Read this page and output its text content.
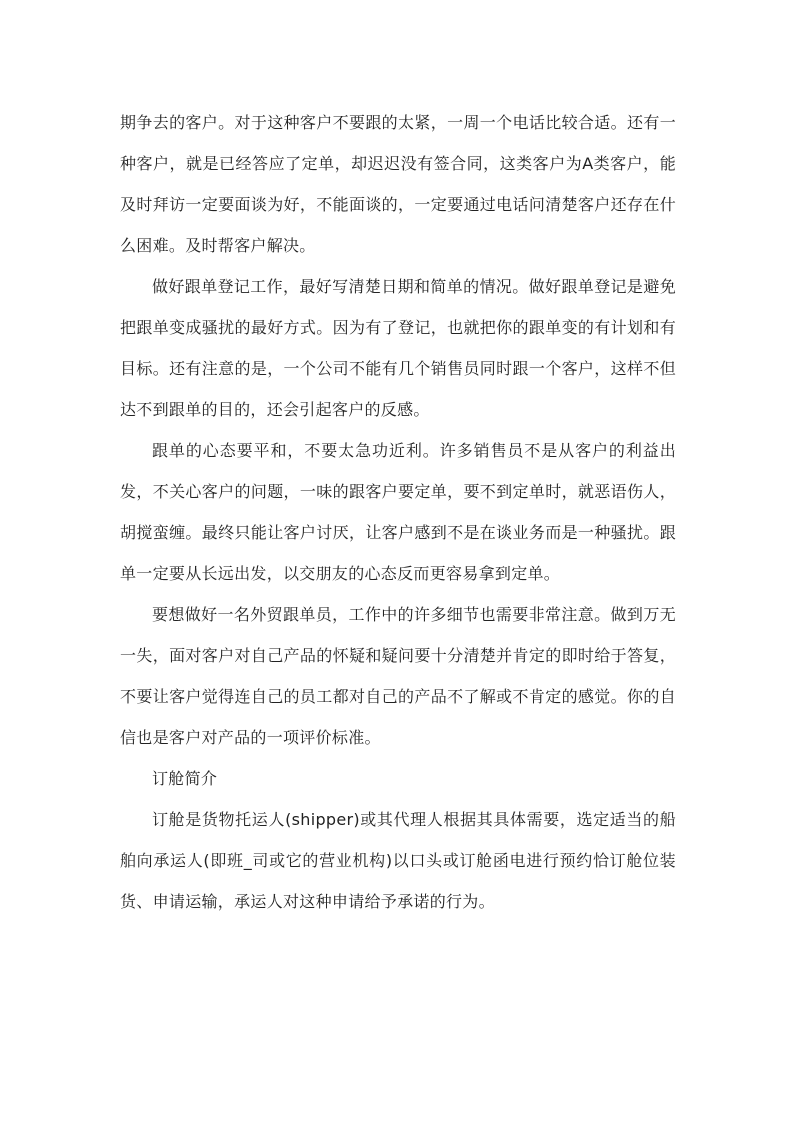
期争去的客户。对于这种客户不要跟的太紧，一周一个电话比较合适。还有一种客户，就是已经答应了定单，却迟迟没有签合同，这类客户为A类客户，能及时拜访一定要面谈为好，不能面谈的，一定要通过电话问清楚客户还存在什么困难。及时帮客户解决。

做好跟单登记工作，最好写清楚日期和简单的情况。做好跟单登记是避免把跟单变成骚扰的最好方式。因为有了登记，也就把你的跟单变的有计划和有目标。还有注意的是，一个公司不能有几个销售员同时跟一个客户，这样不但达不到跟单的目的，还会引起客户的反感。

跟单的心态要平和，不要太急功近利。许多销售员不是从客户的利益出发，不关心客户的问题，一味的跟客户要定单，要不到定单时，就恶语伤人，胡搅蛮缠。最终只能让客户讨厌，让客户感到不是在谈业务而是一种骚扰。跟单一定要从长远出发，以交朋友的心态反而更容易拿到定单。

要想做好一名外贸跟单员，工作中的许多细节也需要非常注意。做到万无一失，面对客户对自己产品的怀疑和疑问要十分清楚并肯定的即时给于答复，不要让客户觉得连自己的员工都对自己的产品不了解或不肯定的感觉。你的自信也是客户对产品的一项评价标准。

订舱简介

订舱是货物托运人(shipper)或其代理人根据其具体需要，选定适当的船舶向承运人(即班_司或它的营业机构)以口头或订舱函电进行预约恰订舱位装货、申请运输，承运人对这种申请给予承诺的行为。
